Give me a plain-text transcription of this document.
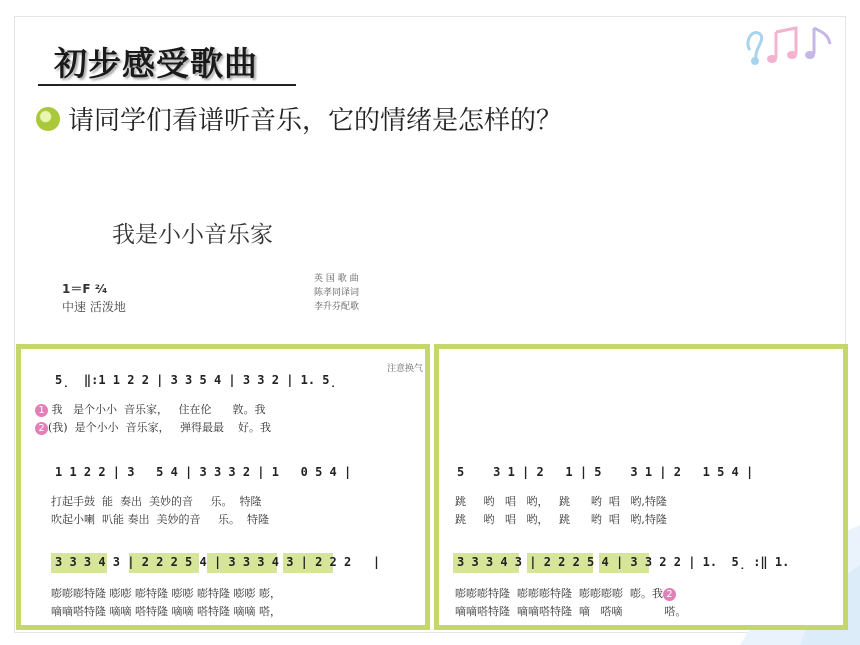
初步感受歌曲
请同学们看谱听音乐，它的情绪是怎样的？
我是小小音乐家
1＝F ²⁄₄
中速 活泼地
英 国 歌 曲
陈孝同译词
李升芬配歌
注意换气
5̣  ‖:1 1 2 2 | 3 3 5 4 | 3 3 2 | 1. 5̣
1 我   是个小小  音乐家，   住在伦      敦。我
2 (我)  是个小小  音乐家，   弹得最最    好。我
1 1 2 2 | 3   5 4 | 3 3 3 2 | 1   0 5 4 |
打起手鼓  能  奏出  美妙的音     乐。  特隆
吹起小喇  叭能 奏出  美妙的音     乐。  特隆
3 3 3 4 3 | 2 2 2 5 4 | 3 3 3 4 3 | 2 2 2   |
嘭嘭嘭特隆 嘭嘭 嘭特隆 嘭嘭 嘭特隆 嘭嘭 嘭，
嘀嘀嗒特隆 嘀嘀 嗒特隆 嘀嘀 嗒特隆 嘀嘀 嗒，
5    3 1 | 2   1 | 5    3 1 | 2   1 5 4 |
跳     哟   唱   哟，   跳      哟  唱   哟,特隆
跳     哟   唱   哟，   跳      哟  唱   哟,特隆
3 3 3 4 3 | 2 2 2 5 4 | 3 3 2 2 | 1.  5̣ :‖ 1.
嘭嘭嘭特隆  嘭嘭嘭特隆  嘭嘭嘭嘭  嘭。我 2
嘀嘀嗒特隆  嘀嘀嗒特隆  嘀   嗒嘀            嗒。
